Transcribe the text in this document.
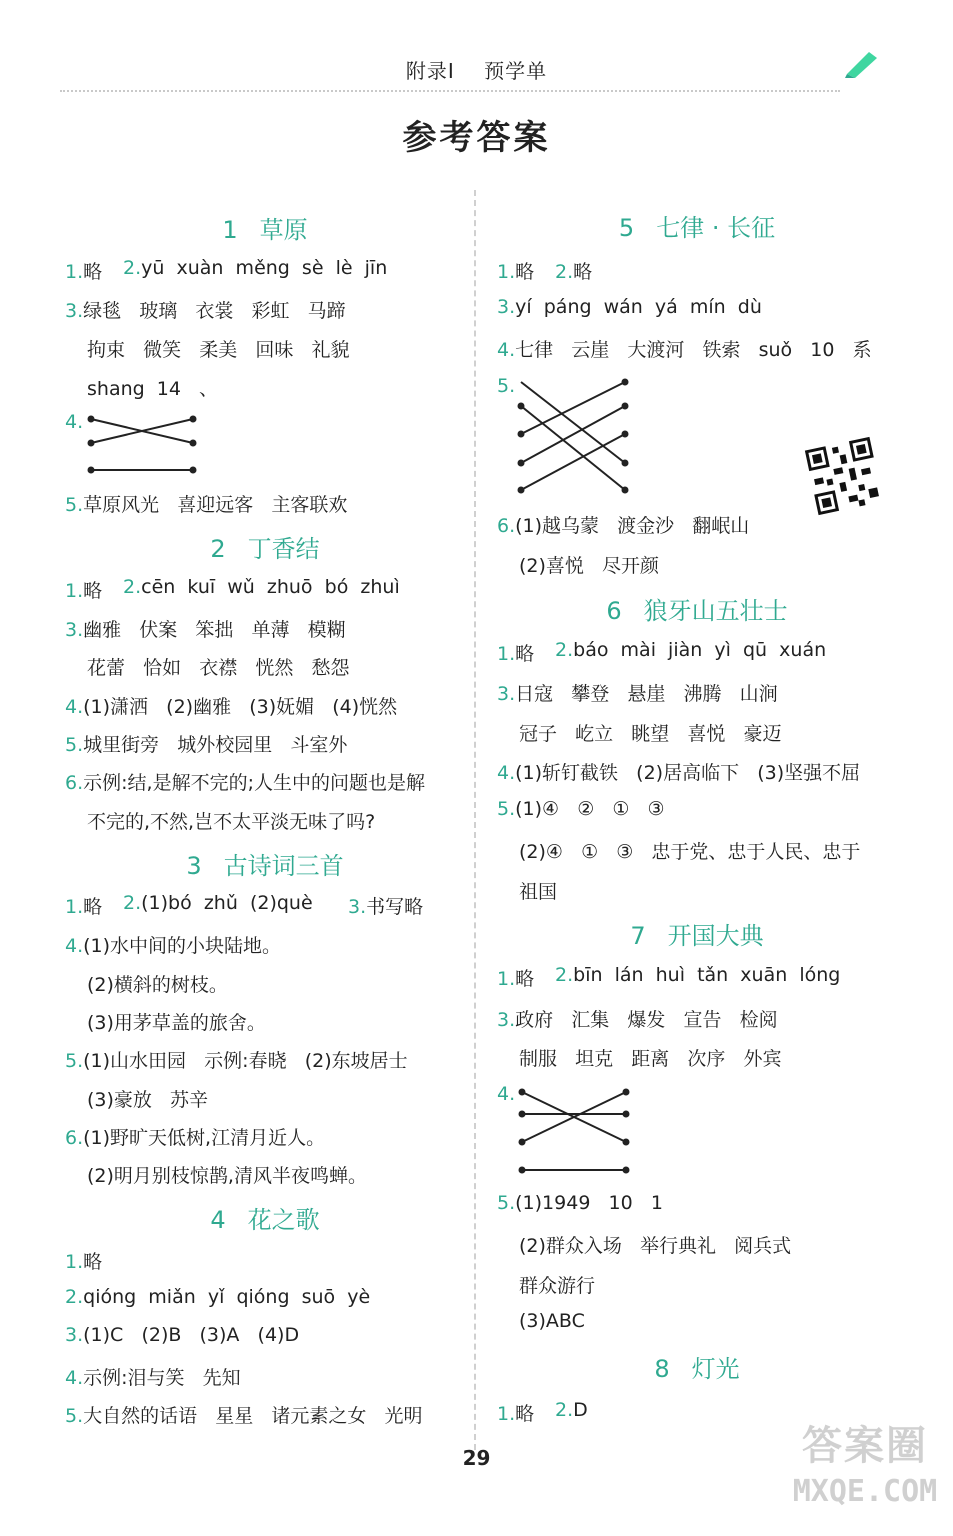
附录Ⅰ 预学单
参考答案
1 草原
1.略 2.yū  xuàn  měng  sè  lè  jīn
3.绿毯   玻璃   衣裳   彩虹   马蹄
拘束   微笑   柔美   回味   礼貌
shang  14   、
4.
5.草原风光   喜迎远客   主客联欢
2 丁香结
1.略 2.cēn  kuī  wǔ  zhuō  bó  zhuì
3.幽雅   伏案   笨拙   单薄   模糊
花蕾   恰如   衣襟   恍然   愁怨
4.(1)潇洒   (2)幽雅   (3)妩媚   (4)恍然
5.城里街旁   城外校园里   斗室外
6.示例:结,是解不完的;人生中的问题也是解
不完的,不然,岂不太平淡无味了吗?
3 古诗词三首
1.略 2.(1)bó  zhǔ  (2)què 3.书写略
4.(1)水中间的小块陆地。
(2)横斜的树枝。
(3)用茅草盖的旅舍。
5.(1)山水田园   示例:春晓   (2)东坡居士
(3)豪放   苏辛
6.(1)野旷天低树,江清月近人。
(2)明月别枝惊鹊,清风半夜鸣蝉。
4 花之歌
1.略
2.qióng  miǎn  yǐ  qióng  suō  yè
3.(1)C   (2)B   (3)A   (4)D
4.示例:泪与笑   先知
5.大自然的话语   星星   诸元素之女   光明
5 七律 · 长征
1.略 2.略
3.yí  páng  wán  yá  mín  dù
4.七律   云崖   大渡河   铁索   suǒ   10   系
5.
6.(1)越乌蒙   渡金沙   翻岷山
(2)喜悦   尽开颜
6 狼牙山五壮士
1.略 2.báo  mài  jiàn  yì  qū  xuán
3.日寇   攀登   悬崖   沸腾   山涧
冠子   屹立   眺望   喜悦   豪迈
4.(1)斩钉截铁   (2)居高临下   (3)坚强不屈
5.(1)④   ②   ①   ③
(2)④   ①   ③   忠于党、忠于人民、忠于
祖国
7 开国大典
1.略 2.bīn  lán  huì  tǎn  xuān  lóng
3.政府   汇集   爆发   宣告   检阅
制服   坦克   距离   次序   外宾
4.
5.(1)1949   10   1
(2)群众入场   举行典礼   阅兵式
群众游行
(3)ABC
8 灯光
1.略 2.D
29	答案圈
MXQE.COM
